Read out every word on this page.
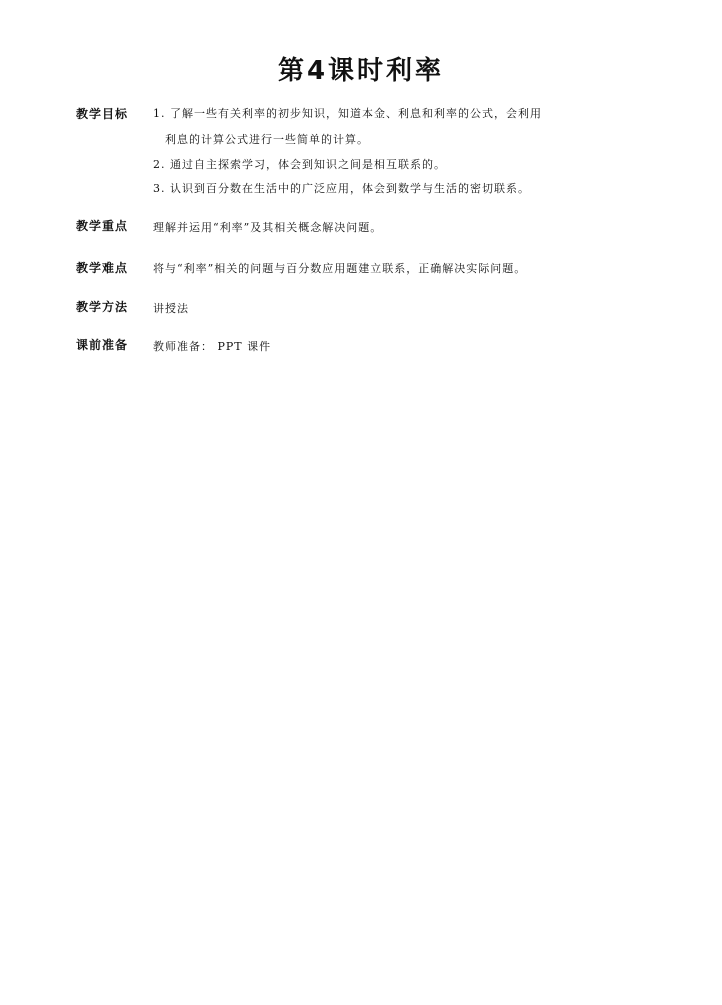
第4课时利率
教学目标 1. 了解一些有关利率的初步知识，知道本金、利息和利率的公式，会利用
利息的计算公式进行一些简单的计算。
2. 通过自主探索学习，体会到知识之间是相互联系的。
3. 认识到百分数在生活中的广泛应用，体会到数学与生活的密切联系。
教学重点 理解并运用“利率”及其相关概念解决问题。
教学难点 将与“利率”相关的问题与百分数应用题建立联系，正确解决实际问题。
教学方法 讲授法
课前准备 教师准备： PPT 课件
